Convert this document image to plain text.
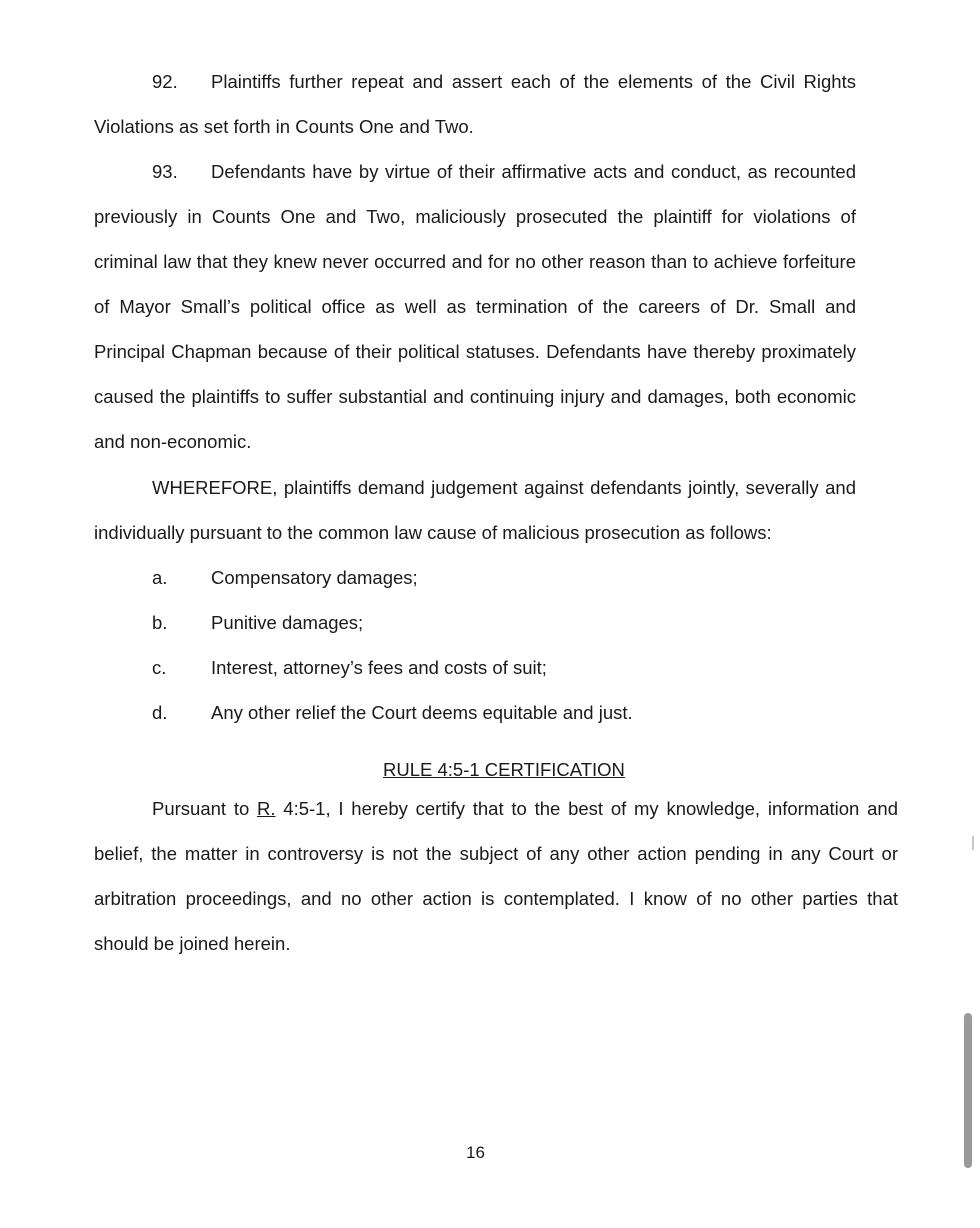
92. Plaintiffs further repeat and assert each of the elements of the Civil Rights Violations as set forth in Counts One and Two.

93. Defendants have by virtue of their affirmative acts and conduct, as recounted previously in Counts One and Two, maliciously prosecuted the plaintiff for violations of criminal law that they knew never occurred and for no other reason than to achieve forfeiture of Mayor Small’s political office as well as termination of the careers of Dr. Small and Principal Chapman because of their political statuses. Defendants have thereby proximately caused the plaintiffs to suffer substantial and continuing injury and damages, both economic and non-economic.

WHEREFORE, plaintiffs demand judgement against defendants jointly, severally and individually pursuant to the common law cause of malicious prosecution as follows:

a. Compensatory damages;
b. Punitive damages;
c. Interest, attorney’s fees and costs of suit;
d. Any other relief the Court deems equitable and just.
RULE 4:5-1 CERTIFICATION

Pursuant to R. 4:5-1, I hereby certify that to the best of my knowledge, information and belief, the matter in controversy is not the subject of any other action pending in any Court or arbitration proceedings, and no other action is contemplated. I know of no other parties that should be joined herein.

16
